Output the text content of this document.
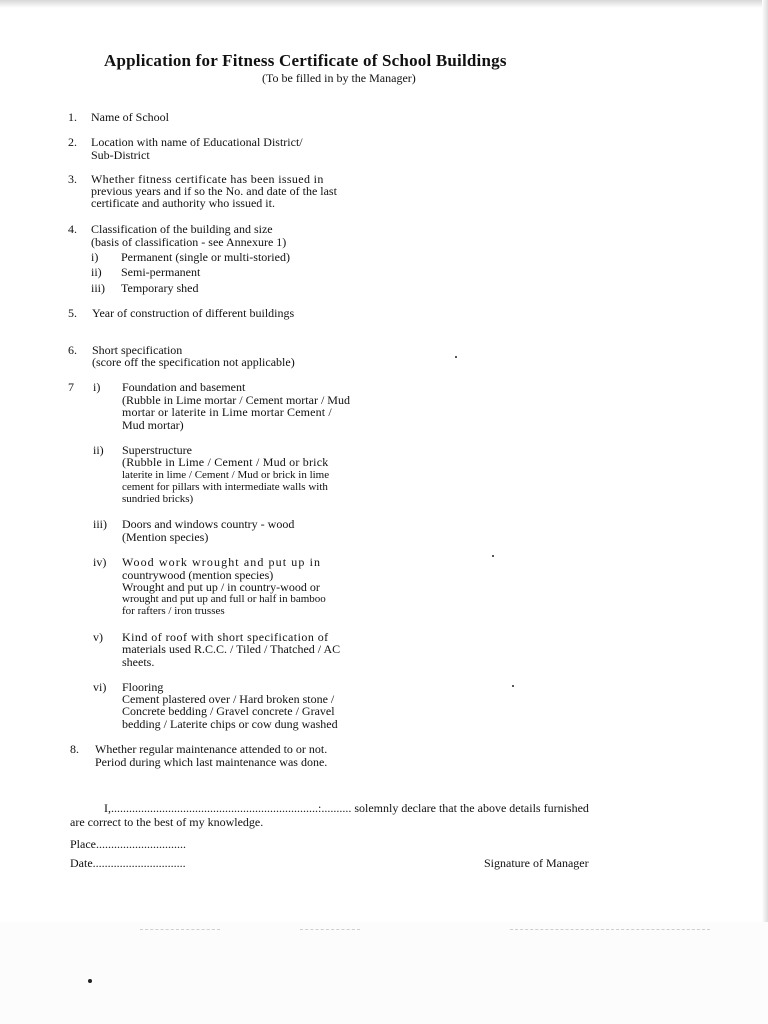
Application for Fitness Certificate of School Buildings
(To be filled in by the Manager)
1. Name of School
2. Location with name of Educational District/
Sub-District
3. Whether fitness certificate has been issued in
previous years and if so the No. and date of the last
certificate and authority who issued it.
4. Classification of the building and size
(basis of classification - see Annexure 1)
i) Permanent (single or multi-storied)
ii) Semi-permanent
iii) Temporary shed
5. Year of construction of different buildings
6. Short specification
(score off the specification not applicable)
7 i) Foundation and basement
(Rubble in Lime mortar / Cement mortar / Mud
mortar or laterite in Lime mortar Cement /
Mud mortar)
ii) Superstructure
(Rubble in Lime / Cement / Mud or brick
laterite in lime / Cement / Mud or brick in lime
cement for pillars with intermediate walls with
sundried bricks)
iii) Doors and windows country - wood
(Mention species)
iv) Wood work wrought and put up in
countrywood (mention species)
Wrought and put up / in country-wood or
wrought and put up and full or half in bamboo
for rafters / iron trusses
v) Kind of roof with short specification of
materials used R.C.C. / Tiled / Thatched / AC
sheets.
vi) Flooring
Cement plastered over / Hard broken stone /
Concrete bedding / Gravel concrete / Gravel
bedding / Laterite chips or cow dung washed
8. Whether regular maintenance attended to or not.
Period during which last maintenance was done.
I,.....................................................................:.......... solemnly declare that the above details furnished
are correct to the best of my knowledge.
Place..............................
Date...............................	Signature of Manager
